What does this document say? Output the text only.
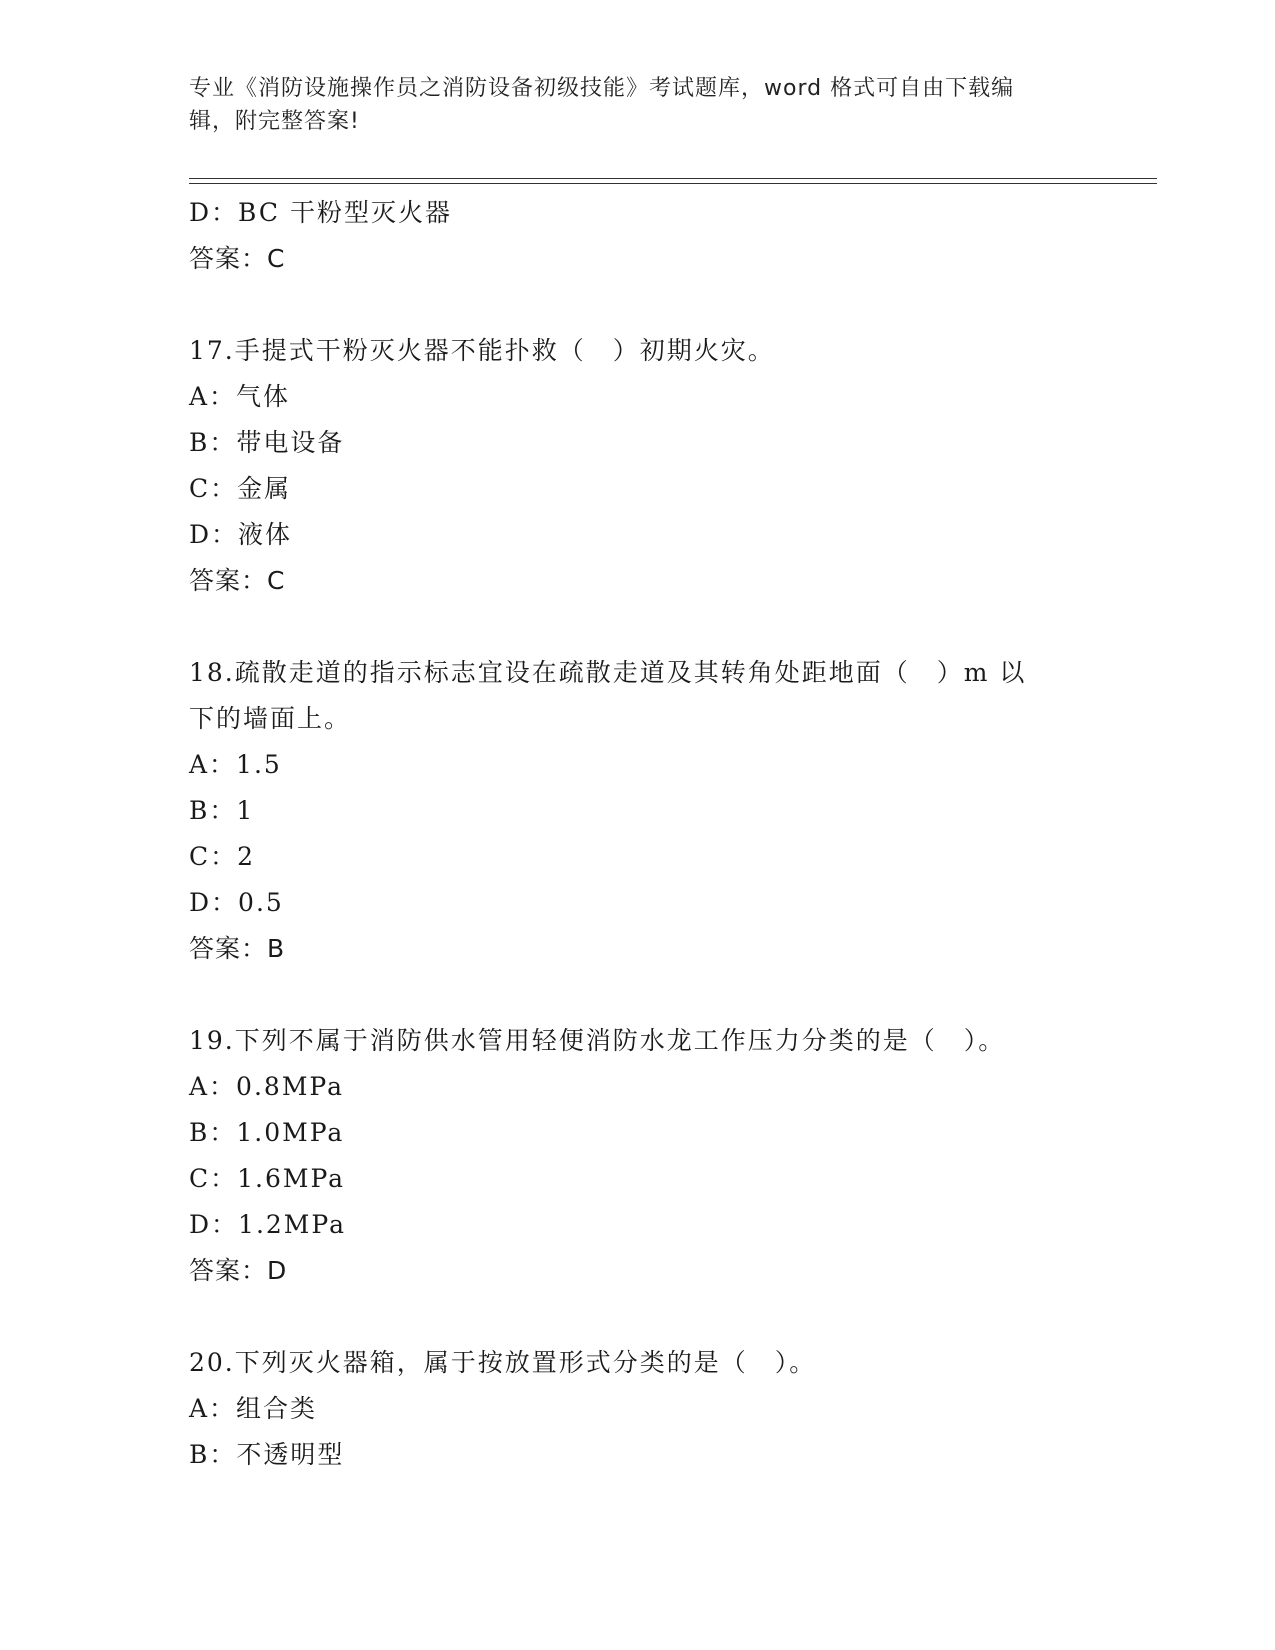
专业《消防设施操作员之消防设备初级技能》考试题库，word 格式可自由下载编
辑，附完整答案!
D：BC 干粉型灭火器
答案：C
17.手提式干粉灭火器不能扑救（　）初期火灾。
A：气体
B：带电设备
C：金属
D：液体
答案：C
18.疏散走道的指示标志宜设在疏散走道及其转角处距地面（　）m 以
下的墙面上。
A：1.5
B：1
C：2
D：0.5
答案：B
19.下列不属于消防供水管用轻便消防水龙工作压力分类的是（　）。
A：0.8MPa
B：1.0MPa
C：1.6MPa
D：1.2MPa
答案：D
20.下列灭火器箱，属于按放置形式分类的是（　）。
A：组合类
B：不透明型
